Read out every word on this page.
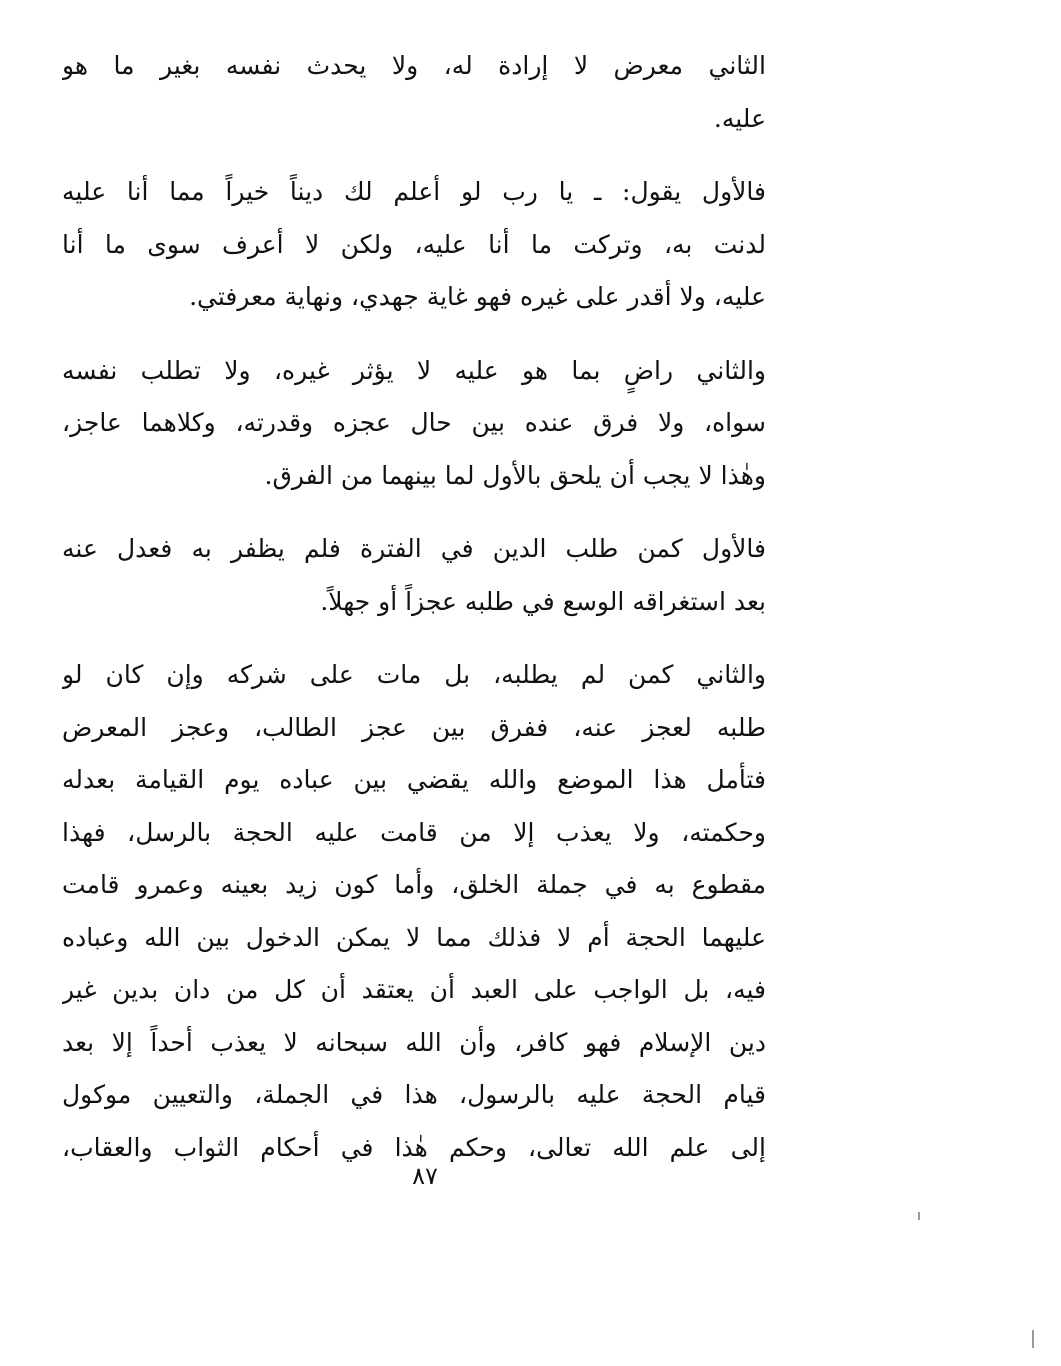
الثاني معرض لا إرادة له، ولا يحدث نفسه بغير ما هو
عليه.
فالأول يقول: ـ يا رب لو أعلم لك ديناً خيراً مما أنا عليه
لدنت به، وتركت ما أنا عليه، ولكن لا أعرف سوى ما أنا
عليه، ولا أقدر على غيره فهو غاية جهدي، ونهاية معرفتي.
والثاني راضٍ بما هو عليه لا يؤثر غيره، ولا تطلب نفسه
سواه، ولا فرق عنده بين حال عجزه وقدرته، وكلاهما عاجز،
وهٰذا لا يجب أن يلحق بالأول لما بينهما من الفرق.
فالأول كمن طلب الدين في الفترة فلم يظفر به فعدل عنه
بعد استغراقه الوسع في طلبه عجزاً أو جهلاً.
والثاني كمن لم يطلبه، بل مات على شركه وإن كان لو
طلبه لعجز عنه، ففرق بين عجز الطالب، وعجز المعرض
فتأمل هذا الموضع والله يقضي بين عباده يوم القيامة بعدله
وحكمته، ولا يعذب إلا من قامت عليه الحجة بالرسل، فهذا
مقطوع به في جملة الخلق، وأما كون زيد بعينه وعمرو قامت
عليهما الحجة أم لا فذلك مما لا يمكن الدخول بين الله وعباده
فيه، بل الواجب على العبد أن يعتقد أن كل من دان بدين غير
دين الإسلام فهو كافر، وأن الله سبحانه لا يعذب أحداً إلا بعد
قيام الحجة عليه بالرسول، هذا في الجملة، والتعيين موكول
إلى علم الله تعالى، وحكم هٰذا في أحكام الثواب والعقاب،
٨٧
